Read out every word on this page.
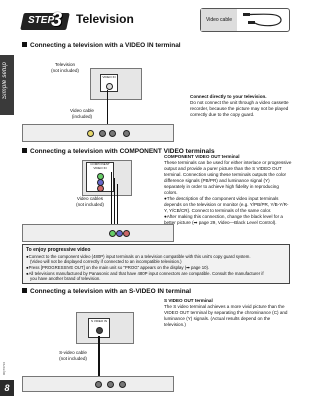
Simple setup
RQT6716
8
STEP
3 Television	Video cable
Connecting a television with a VIDEO IN terminal
Television
(not included)
VIDEO IN
Video cable
(included)
Connect directly to your television.
Do not connect the unit through a video cassette recorder, because the picture may not be played correctly due to the copy guard.
Connecting a television with COMPONENT VIDEO terminals
COMPONENT VIDEO IN
Video cables
(not included)
COMPONENT VIDEO OUT terminal
These terminals can be used for either interlace or progressive output and provide a purer picture than the S VIDEO OUT terminal. Connection using these terminals outputs the color difference signals (PB/PR) and luminance signal (Y) separately in order to achieve high fidelity in reproducing colors.
●The description of the component video input terminals depends on the television or monitor (e.g. Y/PB/PR, Y/B-Y/R-Y, Y/CB/CR). Connect to terminals of the same color.
●After making this connection, change the black level for a better picture (➡ page 29, Video—Black Level Control).
To enjoy progressive video
●Connect to the component video (480P) input terminals on a television compatible with this unit's copy guard system.
(Video will not be displayed correctly if connected to an incompatible television.)
●Press [PROGRESSIVE OUT] on the main unit so "PROG" appears on the display (➡ page 10).
●All televisions manufactured by Panasonic and that have 480P input connectors are compatible. Consult the manufacturer if
you have another brand of television.
Connecting a television with an S-VIDEO IN terminal
S VIDEO IN
S-video cable
(not included)
S VIDEO OUT terminal
The S video terminal achieves a more vivid picture than the VIDEO OUT terminal by separating the chrominance (C) and luminance (Y) signals. (Actual results depend on the television.)
